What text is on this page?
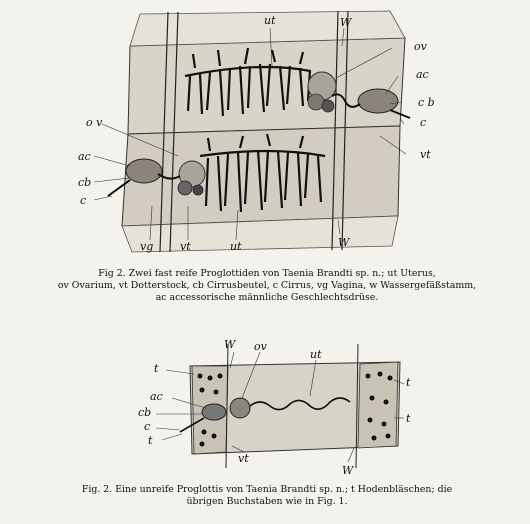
ut	W
ov
ac
c b
c
vt
o v
ac
cb
c
vg vt	ut	W
Fig 2. Zwei fast reife Proglottiden von Taenia Brandti sp. n.; ut Uterus,
ov Ovarium, vt Dotterstock, cb Cirrusbeutel, c Cirrus, vg Vagina, w Wassergefäßstamm,
ac accessorische männliche Geschlechtsdrüse.
W ov
ut
t
ac
cb
c
t
vt
W
t
t
Fig. 2. Eine unreife Proglottis von Taenia Brandti sp. n.; t Hodenbläschen; die
übrigen Buchstaben wie in Fig. 1.
